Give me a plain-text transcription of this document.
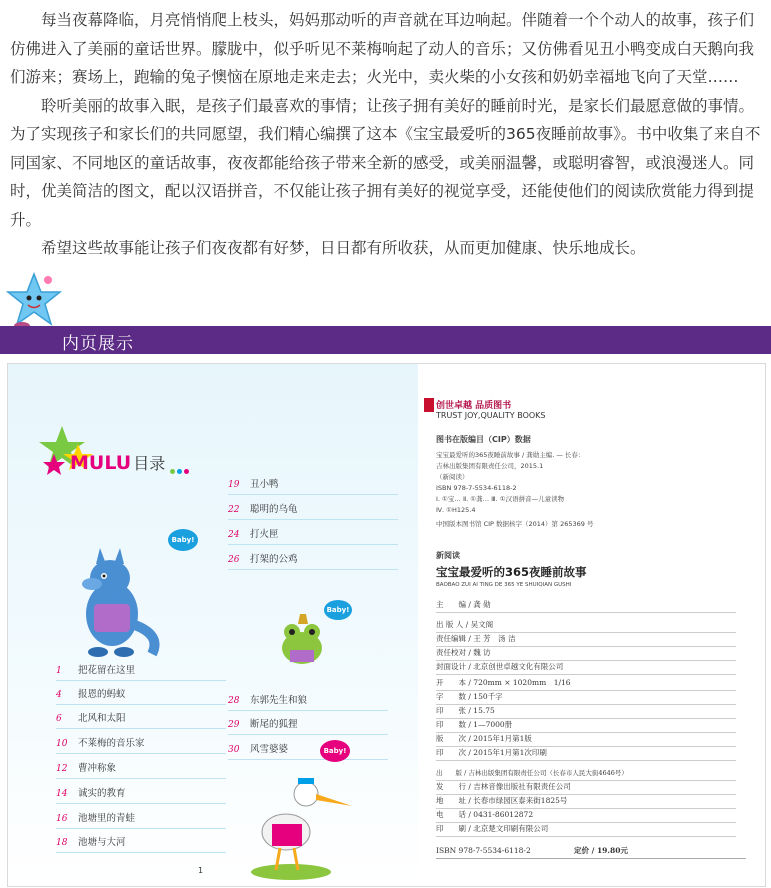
每当夜幕降临，月亮悄悄爬上枝头，妈妈那动听的声音就在耳边响起。伴随着一个个动人的故事，孩子们仿佛进入了美丽的童话世界。朦胧中，似乎听见不莱梅响起了动人的音乐；又仿佛看见丑小鸭变成白天鹅向我们游来；赛场上，跑输的兔子懊恼在原地走来走去；火光中，卖火柴的小女孩和奶奶幸福地飞向了天堂……

聆听美丽的故事入眠，是孩子们最喜欢的事情；让孩子拥有美好的睡前时光，是家长们最愿意做的事情。为了实现孩子和家长们的共同愿望，我们精心编撰了这本《宝宝最爱听的365夜睡前故事》。书中收集了来自不同国家、不同地区的童话故事，夜夜都能给孩子带来全新的感受，或美丽温馨，或聪明睿智，或浪漫迷人。同时，优美简洁的图文，配以汉语拼音，不仅能让孩子拥有美好的视觉享受，还能使他们的阅读欣赏能力得到提升。

希望这些故事能让孩子们夜夜都有好梦，日日都有所收获，从而更加健康、快乐地成长。

内页展示
MULU 目录
19 丑小鸭
22 聪明的乌龟
24 打火匣
26 打架的公鸡
Baby!
Baby!
1 把花留在这里
4 报恩的蚂蚁
6 北风和太阳
10 不莱梅的音乐家
12 曹冲称象
14 诚实的教育
16 池塘里的青蛙
18 池塘与大河
28 东郭先生和狼
29 断尾的狐狸
30 风雪婆婆	Baby!
1
创世卓越 品质图书
TRUST JOY,QUALITY BOOKS
图书在版编目（CIP）数据
宝宝最爱听的365夜睡前故事 / 龚勋主编. — 长春：
吉林出版集团有限责任公司，2015.1
（新阅读）
ISBN 978-7-5534-6118-2
Ⅰ. ①宝… Ⅱ. ①龚… Ⅲ. ①汉语拼音—儿童读物
Ⅳ. ①H125.4
中国版本图书馆 CIP 数据核字（2014）第 265369 号
新阅读
宝宝最爱听的365夜睡前故事
BAOBAO ZUI AI TING DE 365 YE SHUIQIAN GUSHI
主　　编 / 龚 勋
出 版 人 / 吴文阁
责任编辑 / 王 芳　汤 洁
责任校对 / 魏 访
封面设计 / 北京创世卓越文化有限公司
开　　本 / 720mm × 1020mm　1/16
字　　数 / 150千字
印　　张 / 15.75
印　　数 / 1—7000册
版　　次 / 2015年1月第1版
印　　次 / 2015年1月第1次印刷
出　　版 / 吉林出版集团有限责任公司（长春市人民大街4646号）
发　　行 / 吉林音像出版社有限责任公司
地　　址 / 长春市绿园区泰来街1825号
电　　话 / 0431-86012872
印　　刷 / 北京楚文印刷有限公司
ISBN 978-7-5534-6118-2	定价 / 19.80元
